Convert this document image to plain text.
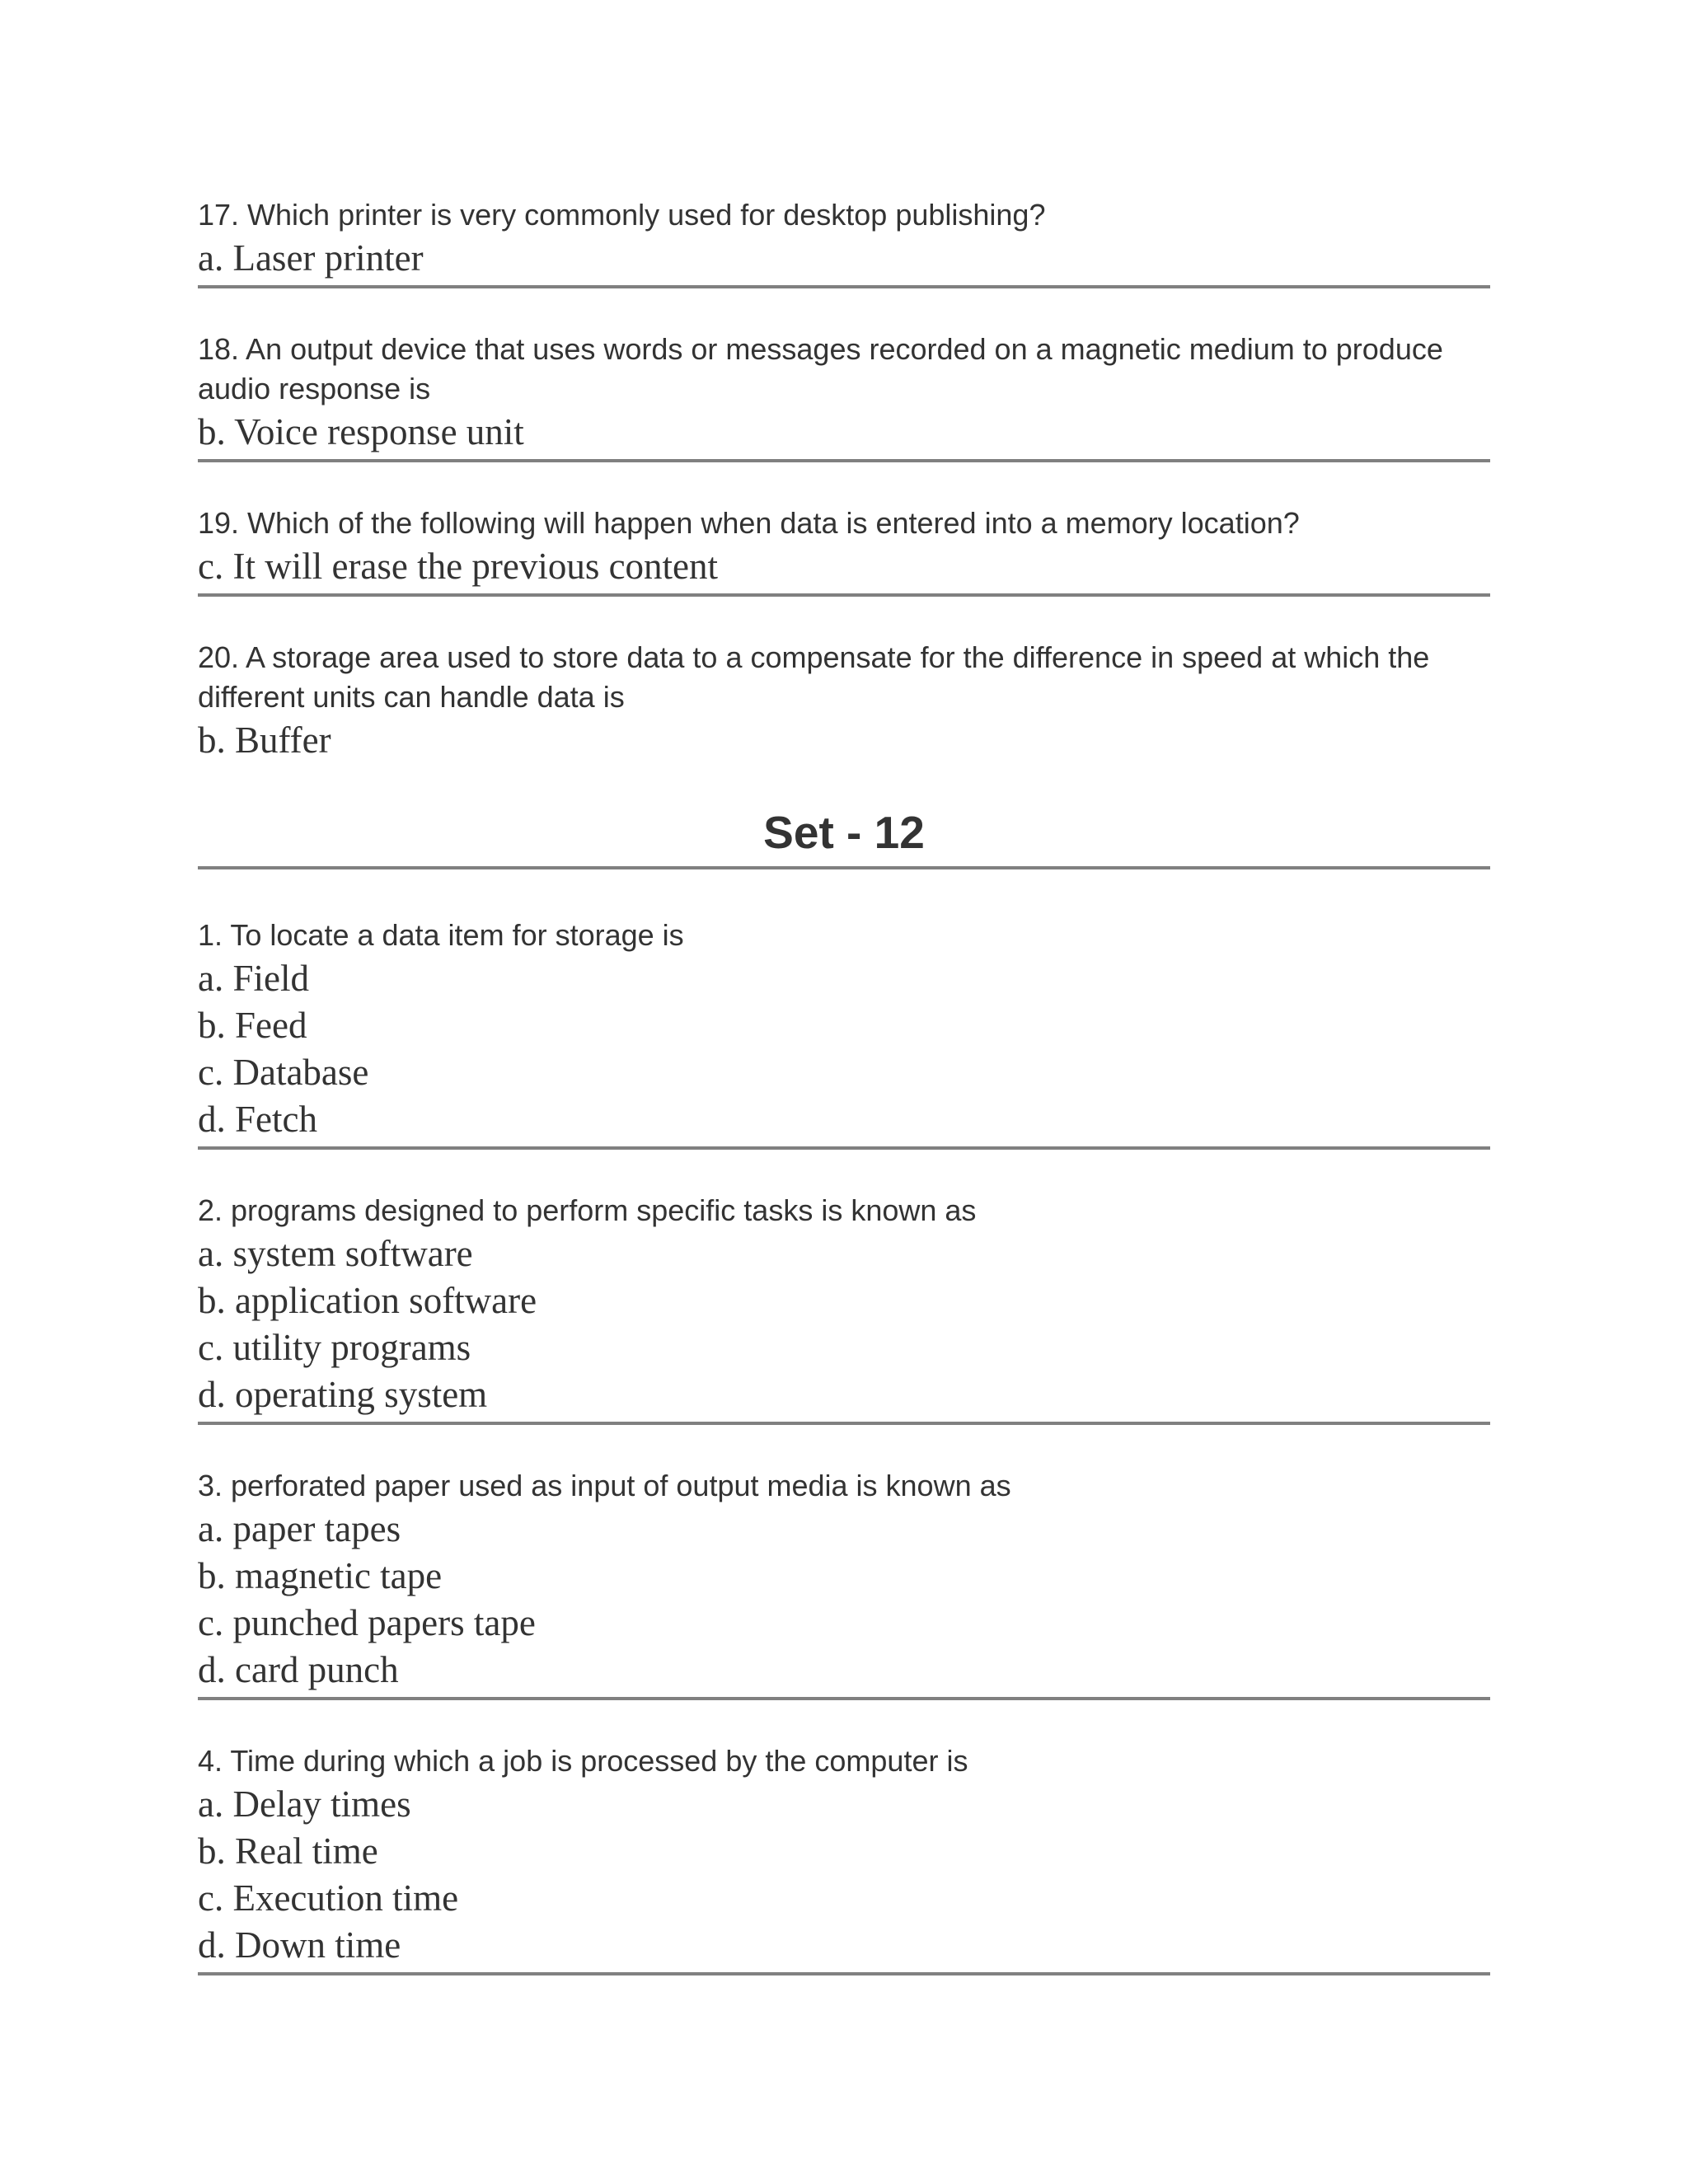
17. Which printer is very commonly used for desktop publishing?

a. Laser printer

18. An output device that uses words or messages recorded on a magnetic medium to produce audio response is

b. Voice response unit

19. Which of the following will happen when data is entered into a memory location?

c. It will erase the previous content

20. A storage area used to store data to a compensate for the difference in speed at which the different units can handle data is

b. Buffer

Set - 12

1. To locate a data item for storage is

a. Field

b. Feed

c. Database

d. Fetch

2. programs designed to perform specific tasks is known as

a. system software

b. application software

c. utility programs

d. operating system

3. perforated paper used as input of output media is known as

a. paper tapes

b. magnetic tape

c. punched papers tape

d. card punch

4. Time during which a job is processed by the computer is

a. Delay times

b. Real time

c. Execution time

d. Down time
